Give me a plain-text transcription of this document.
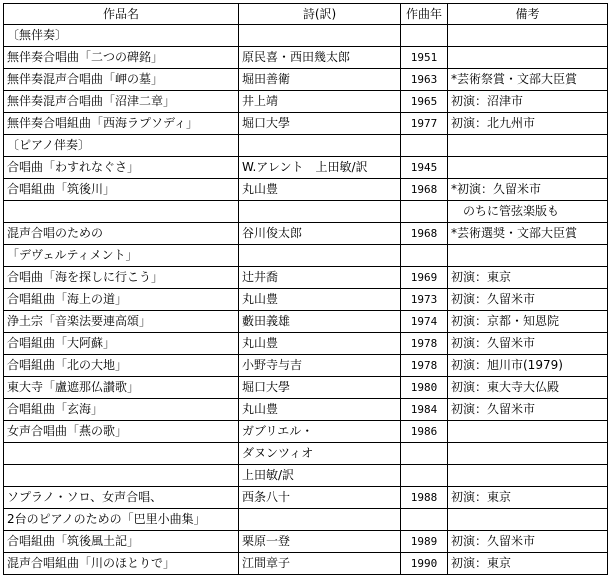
作品名	詩(訳)	作曲年	備考
〔無伴奏〕			
無伴奏合唱曲「二つの碑銘」	原民喜・西田幾太郎	1951	
無伴奏混声合唱曲「岬の墓」	堀田善衛	1963	*芸術祭賞・文部大臣賞
無伴奏混声合唱曲「沼津二章」	井上靖	1965	初演：沼津市
無伴奏合唱組曲「西海ラプソディ」	堀口大學	1977	初演：北九州市
〔ピアノ伴奏〕			
合唱曲「わすれなぐさ」	W.アレント　上田敏/訳	1945	
合唱組曲「筑後川」	丸山豊	1968	*初演：久留米市
			　のちに管弦楽版も
混声合唱のための	谷川俊太郎	1968	*芸術選奨・文部大臣賞
「デヴェルティメント」			
合唱曲「海を探しに行こう」	辻井喬	1969	初演：東京
合唱組曲「海上の道」	丸山豊	1973	初演：久留米市
浄土宗「音楽法要連高頌」	藪田義雄	1974	初演：京都・知恩院
合唱組曲「大阿蘇」	丸山豊	1978	初演：久留米市
合唱組曲「北の大地」	小野寺与吉	1978	初演：旭川市(1979)
東大寺「盧遮那仏讃歌」	堀口大學	1980	初演：東大寺大仏殿
合唱組曲「玄海」	丸山豊	1984	初演：久留米市
女声合唱曲「燕の歌」	ガブリエル・	1986	
	ダヌンツィオ		
	上田敏/訳		
ソプラノ・ソロ、女声合唱、	西条八十	1988	初演：東京
2台のピアノのための「巴里小曲集」			
合唱組曲「筑後風土記」	栗原一登	1989	初演：久留米市
混声合唱組曲「川のほとりで」	江間章子	1990	初演：東京
